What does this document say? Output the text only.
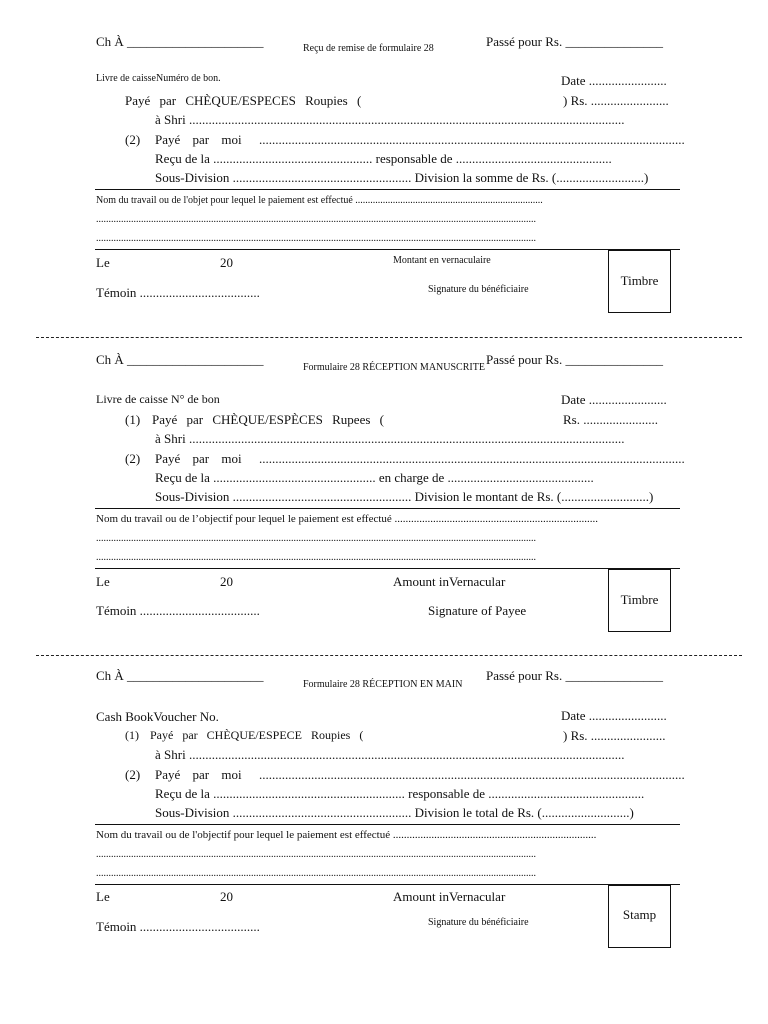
Ch À _____________________	Reçu de remise de formulaire 28	Passé pour Rs. _______________
Livre de caisseNuméro de bon.	Date ........................
Payé par CHÈQUE/ESPECES Roupies (	) Rs. ........................
à Shri ......................................................................................................................................
(2) Payé par moi ...................................................................................................................................
Reçu de la ................................................. responsable de ................................................
Sous-Division ....................................................... Division la somme de Rs. (...........................)
Nom du travail ou de l'objet pour lequel le paiement est effectué ...........................................................................
................................................................................................................................................................................
................................................................................................................................................................................
Le	20	Montant en vernaculaire
Témoin .....................................	Signature du bénéficiaire
Timbre
Ch À _____________________
Formulaire 28 RÉCEPTION MANUSCRITE
Passé pour Rs. _______________
Livre de caisse N° de bon	Date ........................
(1) Payé par CHÈQUE/ESPÈCES Rupees (	Rs. .......................
à Shri ......................................................................................................................................
(2) Payé par moi ...................................................................................................................................
Reçu de la .................................................. en charge de .............................................
Sous-Division ....................................................... Division le montant de Rs. (...........................)
Nom du travail ou de l’objectif pour lequel le paiement est effectué ..........................................................................
................................................................................................................................................................................
................................................................................................................................................................................
Le	20	Amount inVernacular
Témoin .....................................	Signature of Payee
Timbre
Ch À _____________________
Formulaire 28 RÉCEPTION EN MAIN
Passé pour Rs. _______________
Cash BookVoucher No.	Date ........................
(1) Payé par CHÈQUE/ESPECE Roupies (	) Rs. .......................
à Shri ......................................................................................................................................
(2) Payé par moi ...................................................................................................................................
Reçu de la ........................................................... responsable de ................................................
Sous-Division ....................................................... Division le total de Rs. (...........................)
Nom du travail ou de l'objectif pour lequel le paiement est effectué ..........................................................................
................................................................................................................................................................................
................................................................................................................................................................................
Le	20	Amount inVernacular
Témoin .....................................	Signature du bénéficiaire
Stamp
